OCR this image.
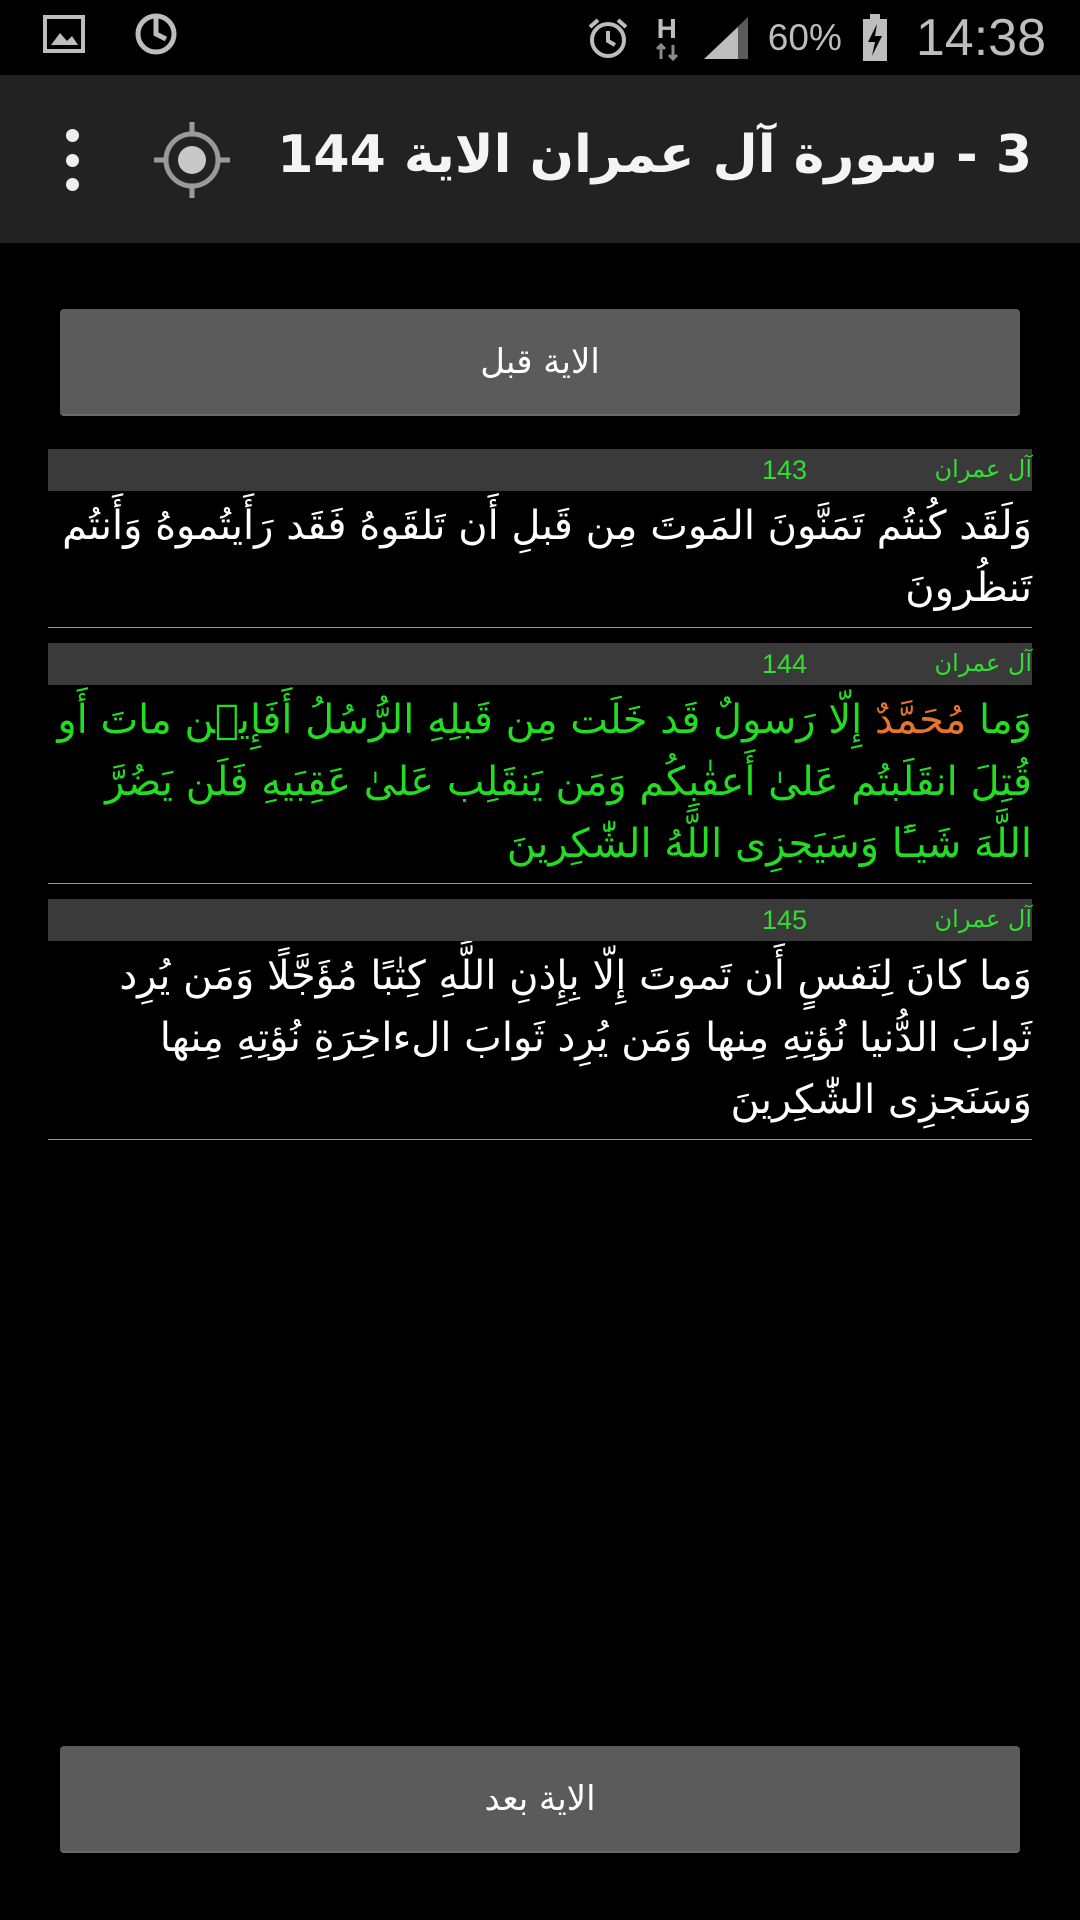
H 60% 14:38
3 - سورة آل عمران الاية 144
الاية قبل
آل عمران
143
وَلَقَد كُنتُم تَمَنَّونَ المَوتَ مِن قَبلِ أَن تَلقَوهُ فَقَد رَأَيتُموهُ وَأَنتُم تَنظُرونَ
آل عمران
144
وَما مُحَمَّدٌ إِلّا رَسولٌ قَد خَلَت مِن قَبلِهِ الرُّسُلُ أَفَإِي۟ن ماتَ أَو قُتِلَ انقَلَبتُم عَلىٰ أَعقٰبِكُم وَمَن يَنقَلِب عَلىٰ عَقِبَيهِ فَلَن يَضُرَّ اللَّهَ شَيـًٔا وَسَيَجزِى اللَّهُ الشّٰكِرينَ
آل عمران
145
وَما كانَ لِنَفسٍ أَن تَموتَ إِلّا بِإِذنِ اللَّهِ كِتٰبًا مُؤَجَّلًا وَمَن يُرِد ثَوابَ الدُّنيا نُؤتِهِ مِنها وَمَن يُرِد ثَوابَ الءاخِرَةِ نُؤتِهِ مِنها وَسَنَجزِى الشّٰكِرينَ
الاية بعد
